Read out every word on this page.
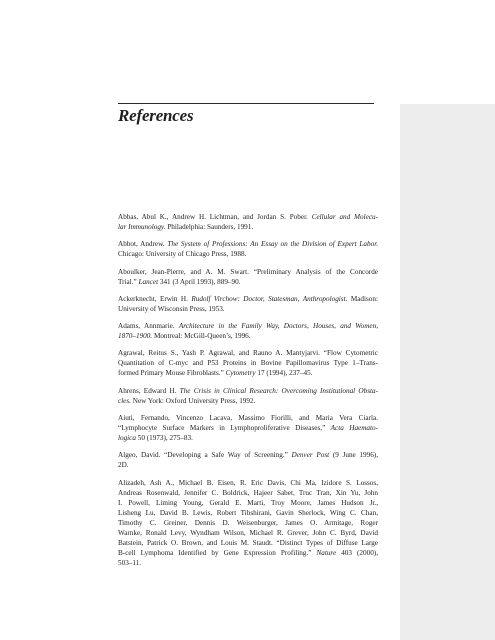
References
Abbas, Abul K., Andrew H. Lichtman, and Jordan S. Pober. Cellular and Molecu-
lar Immunology. Philadelphia: Saunders, 1991.
Abbot, Andrew. The System of Professions: An Essay on the Division of Expert Labor.
Chicago: University of Chicago Press, 1988.
Aboulker, Jean-Pierre, and A. M. Swart. “Preliminary Analysis of the Concorde
Trial.” Lancet 341 (3 April 1993), 889–90.
Ackerknecht, Erwin H. Rudolf Virchow: Doctor, Statesman, Anthropologist. Madison:
University of Wisconsin Press, 1953.
Adams, Annmarie. Architecture in the Family Way, Doctors, Houses, and Women,
1870–1900. Montreal: McGill-Queen’s, 1996.
Agrawal, Reitus S., Yash P. Agrawal, and Rauno A. Mantyjarvi. “Flow Cytometric
Quantitation of C-myc and P53 Proteins in Bovine Papillomavirus Type 1–Trans-
formed Primary Mouse Fibroblasts.” Cytometry 17 (1994), 237–45.
Ahrens, Edward H. The Crisis in Clinical Research: Overcoming Institutional Obsta-
cles. New York: Oxford University Press, 1992.
Aiuti, Fernando, Vincenzo Lacava, Massimo Fiorilli, and Maria Vera Ciarla.
“Lymphocyte Surface Markers in Lymphoproliferative Diseases,” Acta Haemato-
logica 50 (1973), 275–83.
Algeo, David. “Developing a Safe Way of Screening.” Denver Post (9 June 1996),
2D.
Alizadeh, Ash A., Michael B. Eisen, R. Eric Davis, Chi Ma, Izidore S. Lossos,
Andreas Rosenwald, Jennifer C. Boldrick, Hajeer Sabet, Truc Tran, Xin Yu, John
I. Powell, Liming Young, Gerald E. Marti, Troy Moore, James Hudson Jr.,
Lisheng Lu, David B. Lewis, Robert Tibshirani, Gavin Sherlock, Wing C. Chan,
Timothy C. Greiner, Dennis D. Weisenburger, James O. Armitage, Roger
Warnke, Ronald Levy, Wyndham Wilson, Michael R. Grever, John C. Byrd, David
Batstein, Patrick O. Brown, and Louis M. Staudt. “Distinct Types of Diffuse Large
B-cell Lymphoma Identified by Gene Expression Profiling.” Nature 403 (2000),
503–11.
